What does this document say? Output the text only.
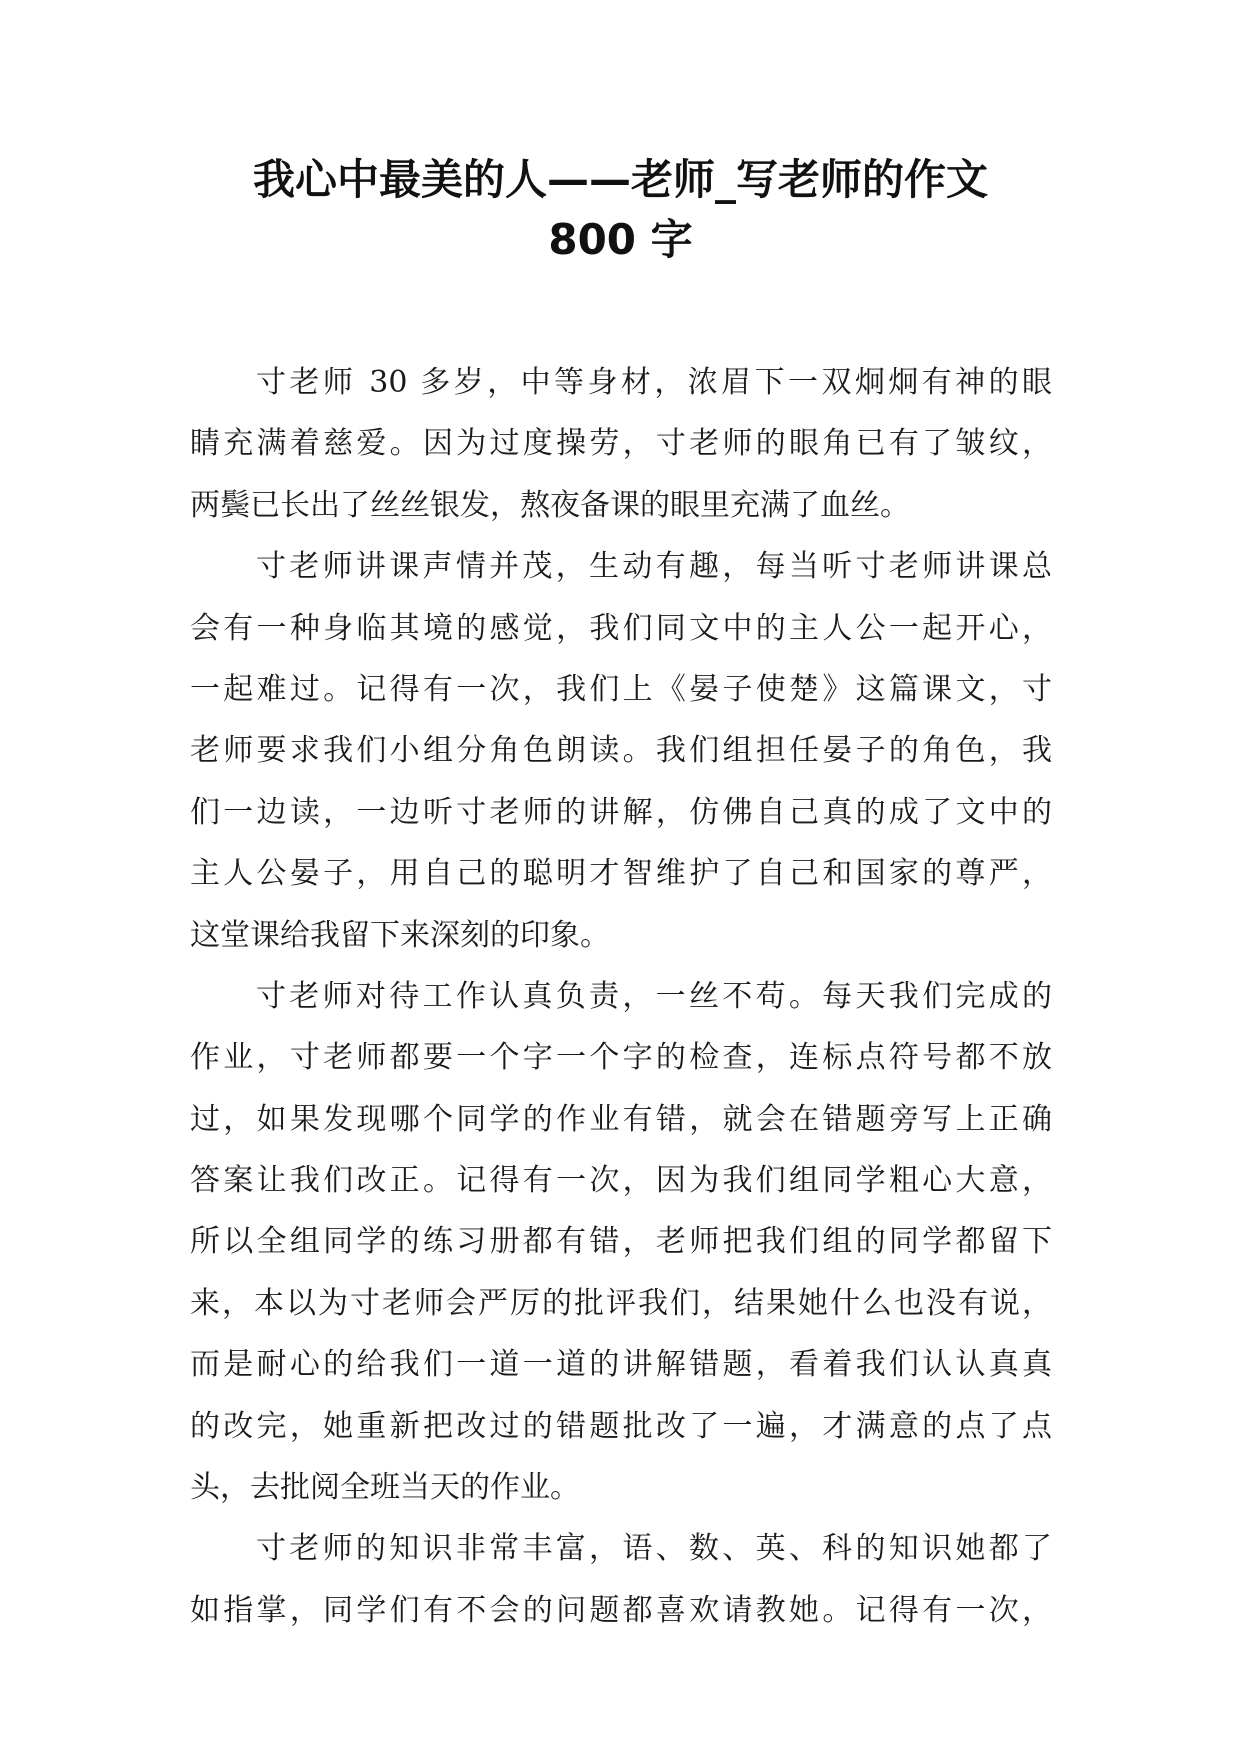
我心中最美的人——老师_写老师的作文
800 字
寸老师 30 多岁，中等身材，浓眉下一双炯炯有神的眼
睛充满着慈爱。因为过度操劳，寸老师的眼角已有了皱纹，
两鬓已长出了丝丝银发，熬夜备课的眼里充满了血丝。
寸老师讲课声情并茂，生动有趣，每当听寸老师讲课总
会有一种身临其境的感觉，我们同文中的主人公一起开心，
一起难过。记得有一次，我们上《晏子使楚》这篇课文，寸
老师要求我们小组分角色朗读。我们组担任晏子的角色，我
们一边读，一边听寸老师的讲解，仿佛自己真的成了文中的
主人公晏子，用自己的聪明才智维护了自己和国家的尊严，
这堂课给我留下来深刻的印象。
寸老师对待工作认真负责，一丝不苟。每天我们完成的
作业，寸老师都要一个字一个字的检查，连标点符号都不放
过，如果发现哪个同学的作业有错，就会在错题旁写上正确
答案让我们改正。记得有一次，因为我们组同学粗心大意，
所以全组同学的练习册都有错，老师把我们组的同学都留下
来，本以为寸老师会严厉的批评我们，结果她什么也没有说，
而是耐心的给我们一道一道的讲解错题，看着我们认认真真
的改完，她重新把改过的错题批改了一遍，才满意的点了点
头，去批阅全班当天的作业。
寸老师的知识非常丰富，语、数、英、科的知识她都了
如指掌，同学们有不会的问题都喜欢请教她。记得有一次，
